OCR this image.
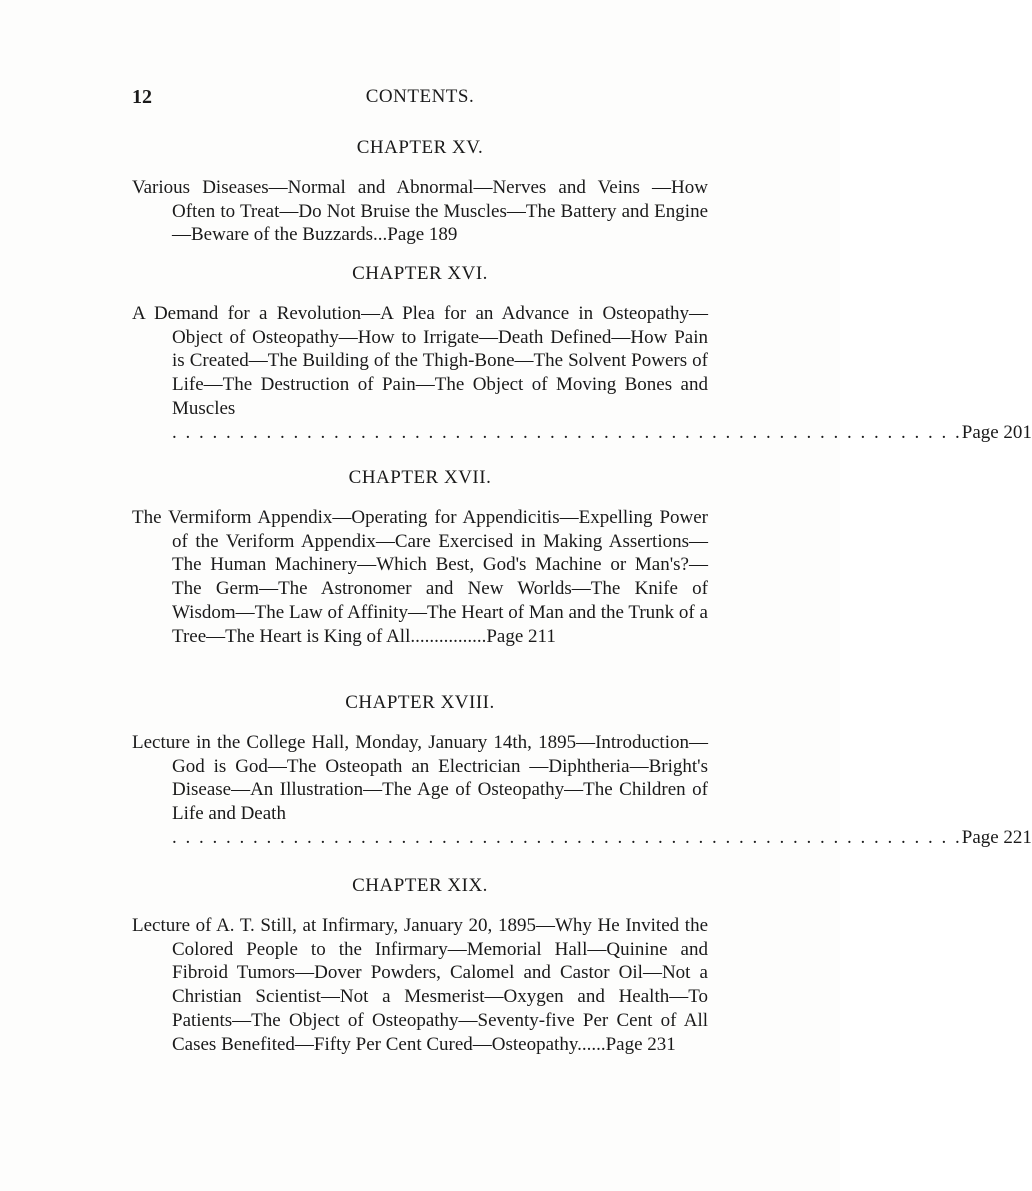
12	CONTENTS.
CHAPTER XV.

Various Diseases—Normal and Abnormal—Nerves and Veins —How Often to Treat—Do Not Bruise the Muscles—The Battery and Engine—Beware of the Buzzards...Page 189

CHAPTER XVI.

A Demand for a Revolution—A Plea for an Advance in Osteopathy—Object of Osteopathy—How to Irrigate—Death Defined—How Pain is Created—The Building of the Thigh-Bone—The Solvent Powers of Life—The Destruction of Pain—The Object of Moving Bones and Muscles

. . . . . . . . . . . . . . . . . . . . . . . . . . . . . . . . . . . . . . . . . . . . . . . . . . . . . . . . . . . Page 201
CHAPTER XVII.

The Vermiform Appendix—Operating for Appendicitis—Expelling Power of the Veriform Appendix—Care Exercised in Making Assertions—The Human Machinery—Which Best, God's Machine or Man's?—The Germ—The Astronomer and New Worlds—The Knife of Wisdom—The Law of Affinity—The Heart of Man and the Trunk of a Tree—The Heart is King of All................Page 211

CHAPTER XVIII.

Lecture in the College Hall, Monday, January 14th, 1895—Introduction—God is God—The Osteopath an Electrician —Diphtheria—Bright's Disease—An Illustration—The Age of Osteopathy—The Children of Life and Death

. . . . . . . . . . . . . . . . . . . . . . . . . . . . . . . . . . . . . . . . . . . . . . . . . . . . . . . . . . . Page 221
CHAPTER XIX.

Lecture of A. T. Still, at Infirmary, January 20, 1895—Why He Invited the Colored People to the Infirmary—Memorial Hall—Quinine and Fibroid Tumors—Dover Powders, Calomel and Castor Oil—Not a Christian Scientist—Not a Mesmerist—Oxygen and Health—To Patients—The Object of Osteopathy—Seventy-five Per Cent of All Cases Benefited—Fifty Per Cent Cured—Osteopathy......Page 231
